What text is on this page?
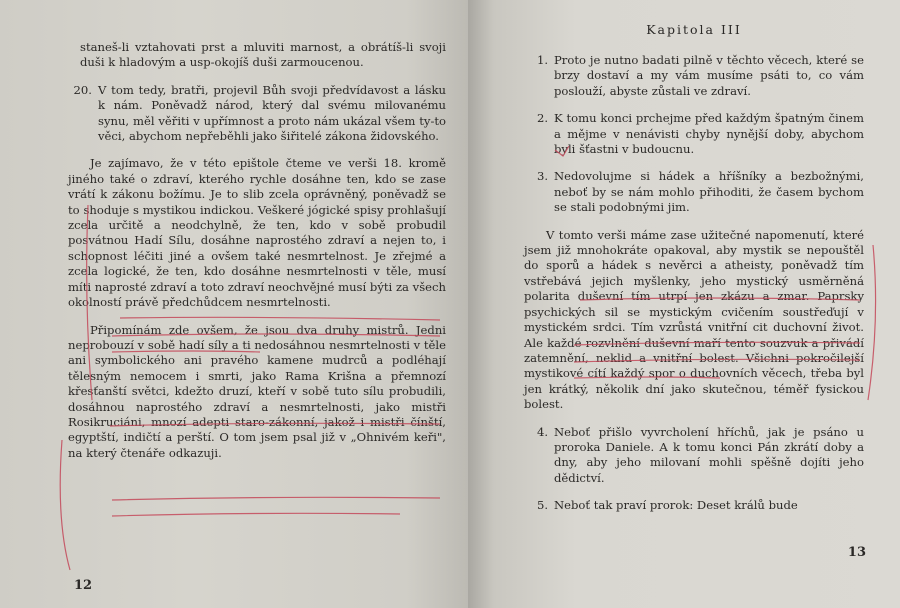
staneš-li vztahovati prst a mluviti marnost, a obrátíš-li svoji duši k hladovým a usp-okojíš duši zarmoucenou.

20. V tom tedy, bratři, projevil Bůh svoji předvídavost a lásku k nám. Poněvadž národ, který dal svému milovanému synu, měl věřiti v upřímnost a proto nám ukázal všem ty-to věci, abychom nepřeběhli jako šiřitelé zákona židovského.

Je zajímavo, že v této epištole čteme ve verši 18. kromě jiného také o zdraví, kterého rychle dosáhne ten, kdo se zase vrátí k zákonu božímu. Je to slib zcela oprávněný, poněvadž se to shoduje s mystikou indickou. Veškeré jógické spisy prohlašují zcela určitě a neodchylně, že ten, kdo v sobě probudil posvátnou Hadí Sílu, dosáhne naprostého zdraví a nejen to, i schopnost léčiti jiné a ovšem také nesmrtelnost. Je zřejmé a zcela logické, že ten, kdo dosáhne nesmrtelnosti v těle, musí míti naprosté zdraví a toto zdraví neochvějné musí býti za všech okolností právě předchůdcem nesmrtelnosti.

Připomínám zde ovšem, že jsou dva druhy mistrů. Jedni neprobouzí v sobě hadí síly a ti nedosáhnou nesmrtelnosti v těle ani symbolického ani pravého kamene mudrců a podléhají tělesným nemocem i smrti, jako Rama Krišna a přemnozí křesťanští světci, kdežto druzí, kteří v sobě tuto sílu probudili, dosáhnou naprostého zdraví a nesmrtelnosti, jako mistři Rosikruciáni, mnozí adepti staro-zákonní, jakož i mistři čínští, egyptští, indičtí a perští. O tom jsem psal již v „Ohnivém keři", na který čtenáře odkazuji.

12
Kapitola III
1. Proto je nutno badati pilně v těchto věcech, které se brzy dostaví a my vám musíme psáti to, co vám poslouží, abyste zůstali ve zdraví.

2. K tomu konci prchejme před každým špatným činem a mějme v nenávisti chyby nynější doby, abychom byli šťastni v budoucnu.

3. Nedovolujme si hádek a hříšníky a bezbožnými, neboť by se nám mohlo přihoditi, že časem bychom se stali podobnými jim.

V tomto verši máme zase užitečné napomenutí, které jsem již mnohokráte opakoval, aby mystik se nepouštěl do sporů a hádek s nevěrci a atheisty, poněvadž tím vstřebává jejich myšlenky, jeho mystický usměrněná polarita duševní tím utrpí jen zkázu a zmar. Paprsky psychických sil se mystickým cvičením soustřeďují v mystickém srdci. Tím vzrůstá vnitřní cit duchovní život. Ale každé rozvlnění duševní maří tento souzvuk a přivádí zatemnění, neklid a vnitřní bolest. Všichni pokročilejší mystikové cítí každý spor o duchovních věcech, třeba byl jen krátký, několik dní jako skutečnou, téměř fysickou bolest.

4. Neboť přišlo vyvrcholení hříchů, jak je psáno u proroka Daniele. A k tomu konci Pán zkrátí doby a dny, aby jeho milovaní mohli spěšně dojíti jeho dědictví.

5. Neboť tak praví prorok: Deset králů bude

13
